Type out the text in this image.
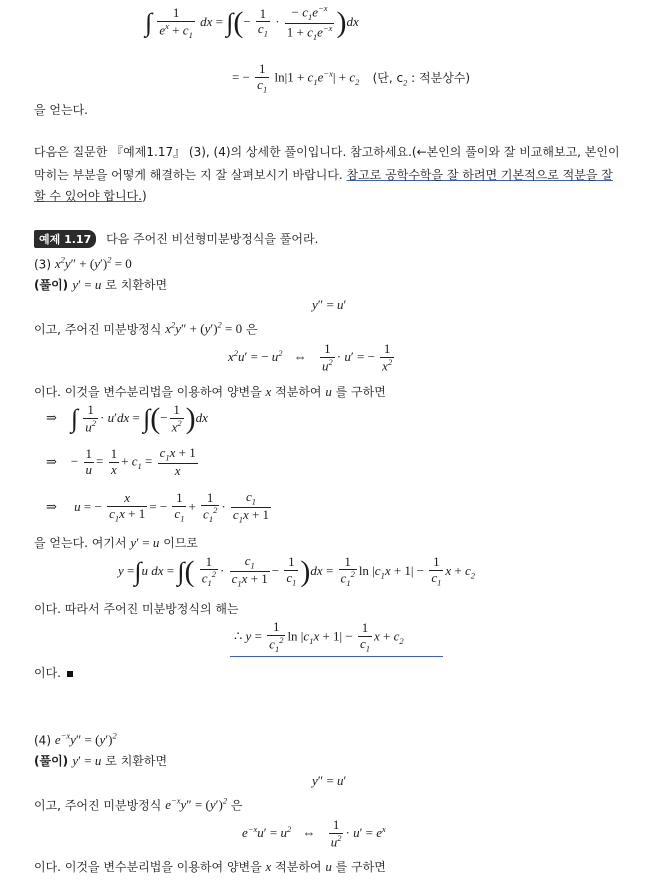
∫ $\frac{1}{e^x + c_1}$ dx = ∫(− $\frac{1}{c_1} \cdot \frac{- c_1e^{-x}}{1 + c_1e^{-x}} )dx$
= − $\frac{1}{c_1} \ln|1 + c_1e^{-x}| + c_2$ (단, $c_2$ : 적분상수)
을 얻는다.
다음은 질문한 『예제1.17』 (3), (4)의 상세한 풀이입니다. 참고하세요.(←본인의 풀이와 잘 비교해보고, 본인이
막히는 부분을 어떻게 해결하는 지 잘 살펴보시기 바랍니다. 참고로 공학수학을 잘 하려면 기본적으로 적분을 잘
할 수 있어야 합니다.)
예제 1.17 다음 주어진 비선형미분방정식을 풀어라.
(3) $x^2y'' + (y')^2 = 0$
(풀이) y′ = u 로 치환하면
y″ = u′
이고, 주어진 미분방정식 $x^2y'' + (y')^2 = 0$ 은
$x^2u'$ = − $u^2$ ⇔ $\frac{1}{u^2} \cdot u'$ = − $\frac{1}{x^2}$
이다. 이것을 변수분리법을 이용하여 양변을 x 적분하여 u 를 구하면
⇒ ∫ $\frac{1}{u^2} \cdot u'dx$ = ∫(− $\frac{1}{x^2} )dx$
⇒ − $\frac{1}{u} = \frac{1}{x} + c_1 = \frac{c_1x + 1}{x}$
⇒ u = − $\frac{x}{c_1x + 1}$ = − $\frac{1}{c_1} + \frac{1}{c_1^2} \cdot \frac{c_1}{c_1x + 1}$
을 얻는다. 여기서 y′ = u 이므로
y =∫u dx = ∫( $\frac{1}{c_1^2} \cdot \frac{c_1}{c_1x + 1} - \frac{1}{c_1} )dx = \frac{1}{c_1^2}$ $\ln |c_1x + 1| - \frac{1}{c_1}$ $x + c_2$
이다. 따라서 주어진 미분방정식의 해는
∴ $y = \frac{1}{c_1^2}$ $\ln |c_1x + 1| - \frac{1}{c_1}$ $x + c_2$
이다.
(4) $e^{-x}y'' = (y')^2$
(풀이) y′ = u 로 치환하면
y″ = u′
이고, 주어진 미분방정식 $e^{-x}y'' = (y')^2$ 은
$e^{-x}u' = u^2$ ⇔ $\frac{1}{u^2} \cdot u' = e^x$
이다. 이것을 변수분리법을 이용하여 양변을 x 적분하여 u 를 구하면
